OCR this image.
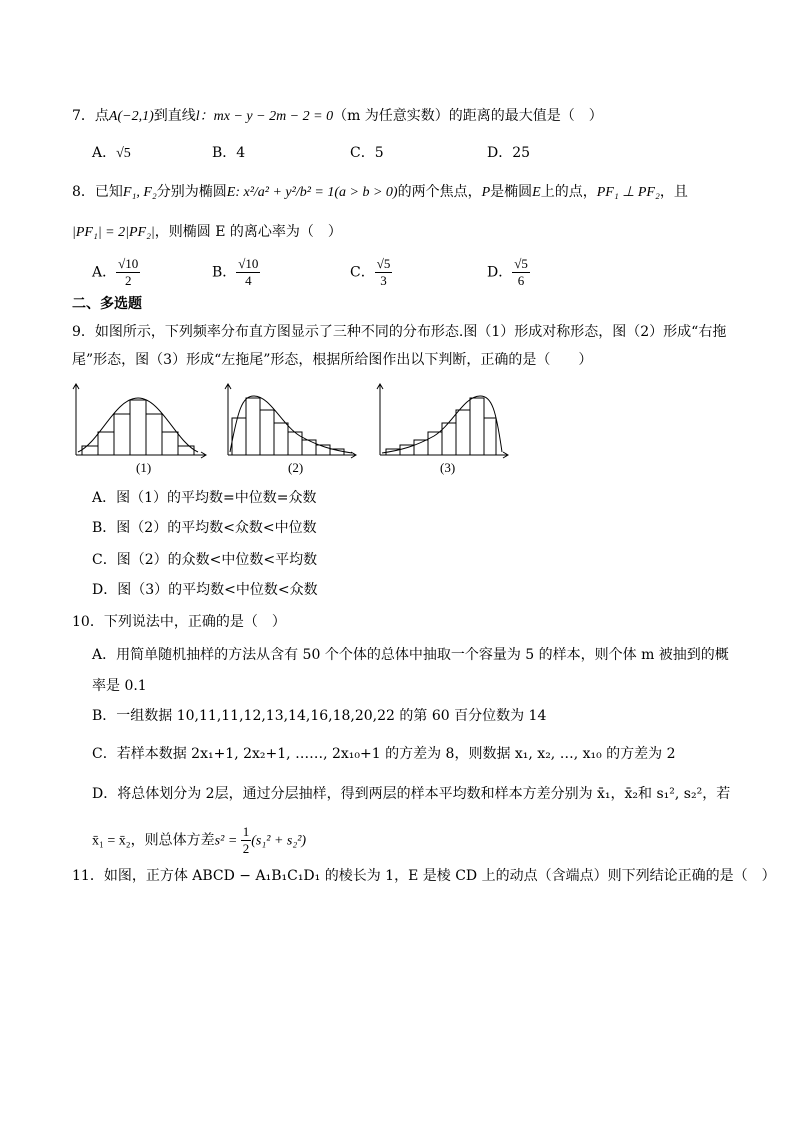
7．点A(−2,1)到直线l：mx − y − 2m − 2 = 0（m 为任意实数）的距离的最大值是（　）
A．√5	B．4	C．5	D．25
8．已知F₁, F₂分别为椭圆E: x²/a² + y²/b² = 1(a > b > 0)的两个焦点，P是椭圆E上的点，PF₁ ⊥ PF₂，且
|PF₁| = 2|PF₂|，则椭圆 E 的离心率为（　）
A． $\frac{√10}{2}$	B． $\frac{√10}{4}$	C． $\frac{√5}{3}$	D． $\frac{√5}{6}$
二、多选题
9．如图所示，下列频率分布直方图显示了三种不同的分布形态.图（1）形成对称形态，图（2）形成“右拖
尾”形态，图（3）形成“左拖尾”形态，根据所给图作出以下判断，正确的是（　　）
(1)	(2)	(3)
A．图（1）的平均数=中位数=众数
B．图（2）的平均数<众数<中位数
C．图（2）的众数<中位数<平均数
D．图（3）的平均数<中位数<众数
10．下列说法中，正确的是（　）
A．用简单随机抽样的方法从含有 50 个个体的总体中抽取一个容量为 5 的样本，则个体 m 被抽到的概
率是 0.1
B．一组数据 10,11,11,12,13,14,16,18,20,22 的第 60 百分位数为 14
C．若样本数据 2x₁+1, 2x₂+1, ……, 2x₁₀+1 的方差为 8，则数据 x₁, x₂, …, x₁₀ 的方差为 2
D．将总体划分为 2层，通过分层抽样，得到两层的样本平均数和样本方差分别为 x̄₁，x̄₂和 s₁², s₂²，若
x̄₁ = x̄₂，则总体方差$s^2 = \frac{1}{2} (s_1^2 + s_2^2)$
11．如图，正方体 ABCD − A₁B₁C₁D₁ 的棱长为 1，E 是棱 CD 上的动点（含端点）则下列结论正确的是（　）
